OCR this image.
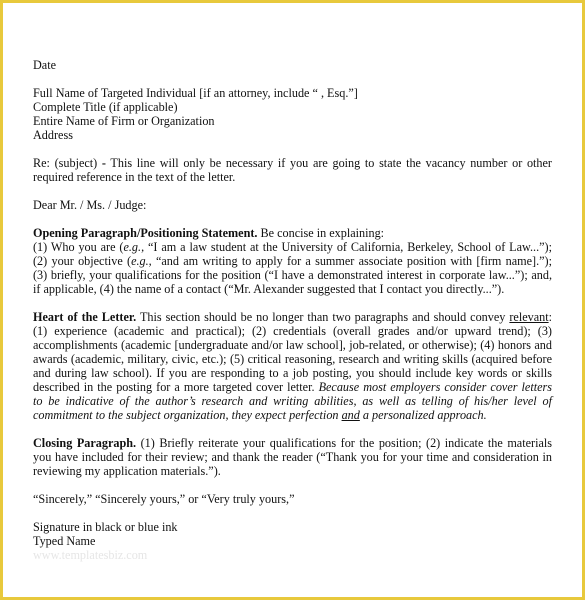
Date
Full Name of Targeted Individual [if an attorney, include “ , Esq.”]
Complete Title (if applicable)
Entire Name of Firm or Organization
Address
Re: (subject) - This line will only be necessary if you are going to state the vacancy number or other
required reference in the text of the letter.
Dear Mr. / Ms. / Judge:
Opening Paragraph/Positioning Statement. Be concise in explaining:
(1) Who you are (e.g., “I am a law student at the University of California, Berkeley, School of Law...”);
(2) your objective (e.g., “and am writing to apply for a summer associate position with [firm name].”);
(3) briefly, your qualifications for the position (“I have a demonstrated interest in corporate law...”); and,
if applicable, (4) the name of a contact (“Mr. Alexander suggested that I contact you directly...”).
Heart of the Letter. This section should be no longer than two paragraphs and should convey relevant:
(1) experience (academic and practical); (2) credentials (overall grades and/or upward trend); (3)
accomplishments (academic [undergraduate and/or law school], job-related, or otherwise); (4) honors and
awards (academic, military, civic, etc.); (5) critical reasoning, research and writing skills (acquired before
and during law school). If you are responding to a job posting, you should include key words or skills
described in the posting for a more targeted cover letter. Because most employers consider cover letters
to be indicative of the author’s research and writing abilities, as well as telling of his/her level of
commitment to the subject organization, they expect perfection and a personalized approach.
Closing Paragraph. (1) Briefly reiterate your qualifications for the position; (2) indicate the materials
you have included for their review; and thank the reader (“Thank you for your time and consideration in
reviewing my application materials.”).
“Sincerely,” “Sincerely yours,” or “Very truly yours,”
Signature in black or blue ink
Typed Name
www.templatesbiz.com
